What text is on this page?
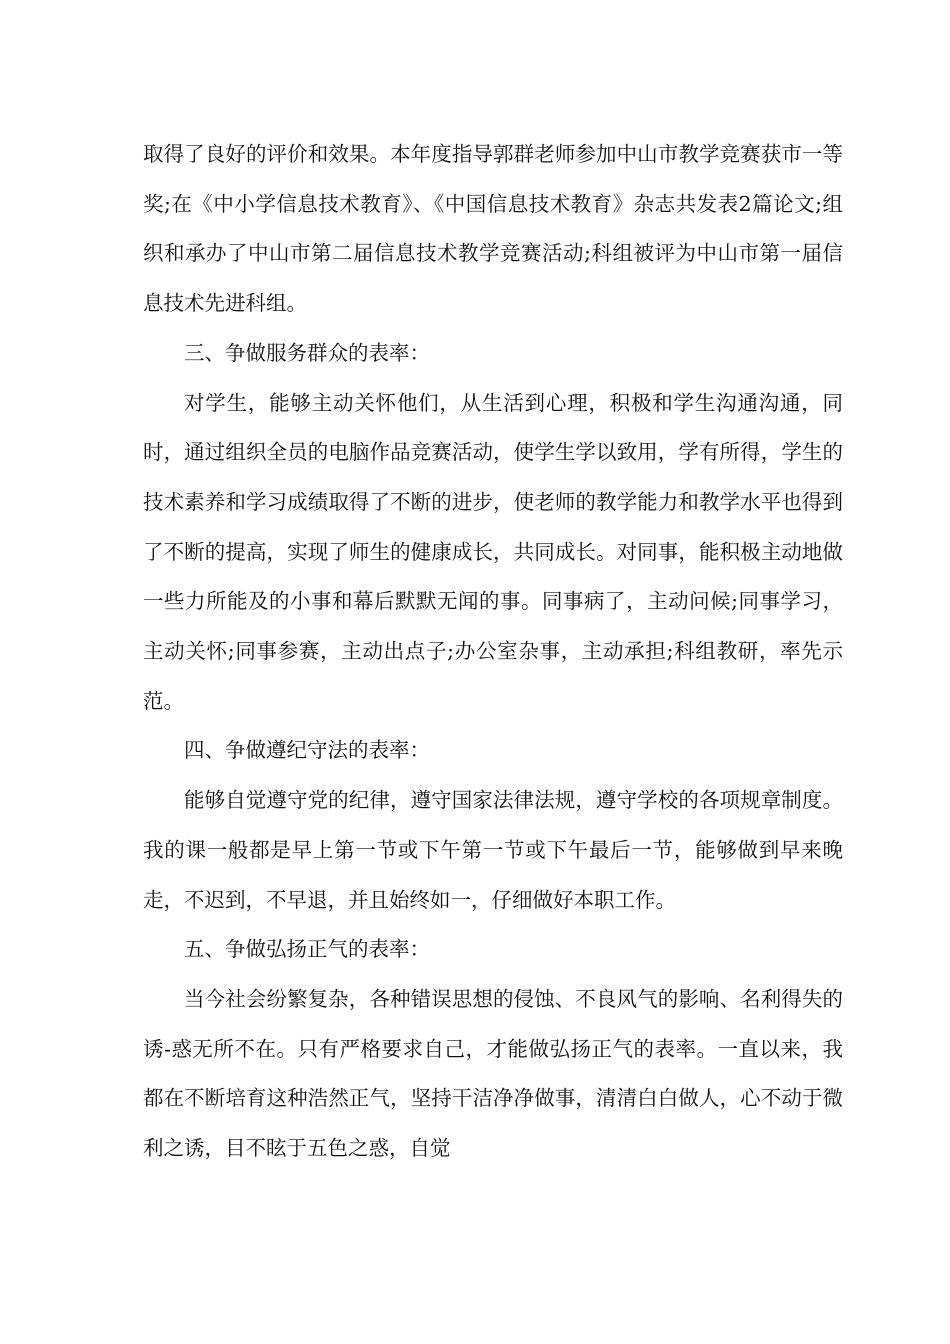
取得了良好的评价和效果。本年度指导郭群老师参加中山市教学竞赛获市一等奖;在《中小学信息技术教育》、《中国信息技术教育》杂志共发表2篇论文;组织和承办了中山市第二届信息技术教学竞赛活动;科组被评为中山市第一届信息技术先进科组。

三、争做服务群众的表率：

对学生，能够主动关怀他们，从生活到心理，积极和学生沟通沟通，同时，通过组织全员的电脑作品竞赛活动，使学生学以致用，学有所得，学生的技术素养和学习成绩取得了不断的进步，使老师的教学能力和教学水平也得到了不断的提高，实现了师生的健康成长，共同成长。对同事，能积极主动地做一些力所能及的小事和幕后默默无闻的事。同事病了，主动问候;同事学习，主动关怀;同事参赛，主动出点子;办公室杂事，主动承担;科组教研，率先示范。

四、争做遵纪守法的表率：

能够自觉遵守党的纪律，遵守国家法律法规，遵守学校的各项规章制度。我的课一般都是早上第一节或下午第一节或下午最后一节，能够做到早来晚走，不迟到，不早退，并且始终如一，仔细做好本职工作。

五、争做弘扬正气的表率：

当今社会纷繁复杂，各种错误思想的侵蚀、不良风气的影响、名利得失的诱-惑无所不在。只有严格要求自己，才能做弘扬正气的表率。一直以来，我都在不断培育这种浩然正气，坚持干洁净净做事，清清白白做人，心不动于微利之诱，目不眩于五色之惑，自觉
